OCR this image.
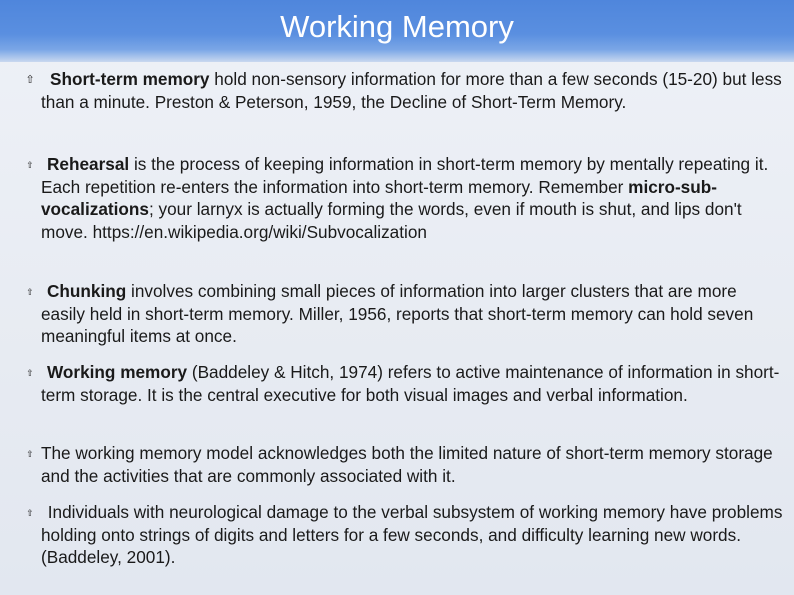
Working Memory
⇧ Short-term memory hold non-sensory information for more than a few seconds (15-20) but less than a minute. Preston & Peterson, 1959, the Decline of Short-Term Memory.

⇧ Rehearsal is the process of keeping information in short-term memory by mentally repeating it. Each repetition re-enters the information into short-term memory. Remember micro-sub-vocalizations; your larnyx is actually forming the words, even if mouth is shut, and lips don't move. https://en.wikipedia.org/wiki/Subvocalization

⇧ Chunking involves combining small pieces of information into larger clusters that are more easily held in short-term memory. Miller, 1956, reports that short-term memory can hold seven meaningful items at once.

⇧ Working memory (Baddeley & Hitch, 1974) refers to active maintenance of information in short-term storage. It is the central executive for both visual images and verbal information.

⇧ The working memory model acknowledges both the limited nature of short-term memory storage and the activities that are commonly associated with it.

⇧ Individuals with neurological damage to the verbal subsystem of working memory have problems holding onto strings of digits and letters for a few seconds, and difficulty learning new words. (Baddeley, 2001).
